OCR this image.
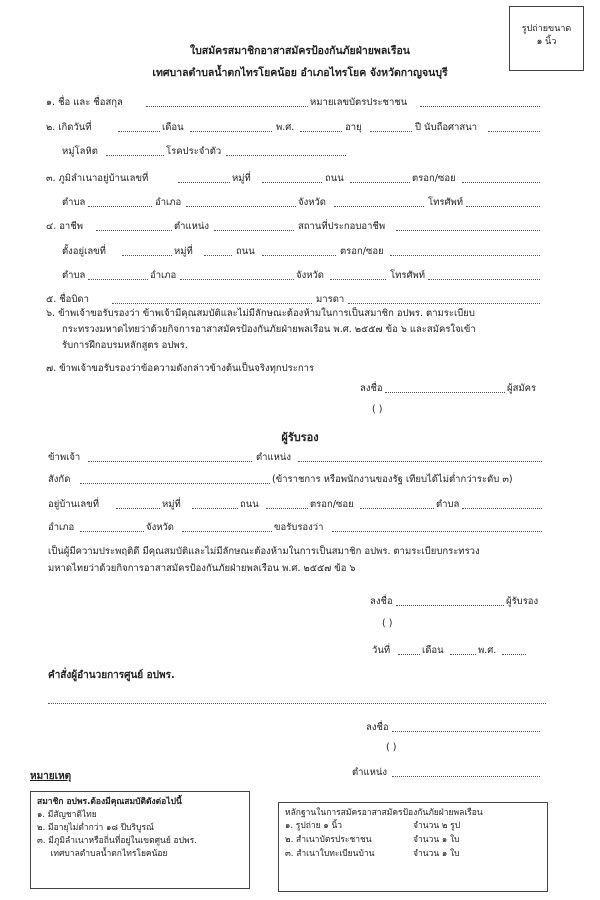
รูปถ่ายขนาด
๑ นิ้ว
ใบสมัครสมาชิกอาสาสมัครป้องกันภัยฝ่ายพลเรือน
เทศบาลตำบลน้ำตกไทรโยคน้อย อำเภอไทรโยค จังหวัดกาญจนบุรี
๑. ชื่อ และ ชื่อสกุล	หมายเลขบัตรประชาชน
๒. เกิดวันที่	เดือน	พ.ศ.	อายุ	ปี นับถือศาสนา
หมู่โลหิต	โรคประจำตัว
๓. ภูมิลำเนาอยู่บ้านเลขที่	หมู่ที่	ถนน	ตรอก/ซอย
ตำบล	อำเภอ	จังหวัด	โทรศัพท์
๔. อาชีพ	ตำแหน่ง	สถานที่ประกอบอาชีพ
ตั้งอยู่เลขที่	หมู่ที่	ถนน	ตรอก/ซอย
ตำบล	อำเภอ	จังหวัด	โทรศัพท์
๕. ชื่อบิดา	มารดา
๖. ข้าพเจ้าขอรับรองว่า ข้าพเจ้ามีคุณสมบัติและไม่มีลักษณะต้องห้ามในการเป็นสมาชิก อปพร. ตามระเบียบ
กระทรวงมหาดไทยว่าด้วยกิจการอาสาสมัครป้องกันภัยฝ่ายพลเรือน พ.ศ. ๒๕๕๗ ข้อ ๖ และสมัครใจเข้า
รับการฝึกอบรมหลักสูตร อปพร.
๗. ข้าพเจ้าขอรับรองว่าข้อความดังกล่าวข้างต้นเป็นจริงทุกประการ
ลงชื่อ	ผู้สมัคร
( )
ผู้รับรอง
ข้าพเจ้า	ตำแหน่ง
สังกัด	(ข้าราชการ หรือพนักงานของรัฐ เทียบได้ไม่ต่ำกว่าระดับ ๓)
อยู่บ้านเลขที่	หมู่ที่	ถนน	ตรอก/ซอย	ตำบล
อำเภอ	จังหวัด	ขอรับรองว่า
เป็นผู้มีความประพฤติดี มีคุณสมบัติและไม่มีลักษณะต้องห้ามในการเป็นสมาชิก อปพร. ตามระเบียบกระทรวง
มหาดไทยว่าด้วยกิจการอาสาสมัครป้องกันภัยฝ่ายพลเรือน พ.ศ. ๒๕๕๗ ข้อ ๖
ลงชื่อ	ผู้รับรอง
( )
วันที่	เดือน	พ.ศ.
คำสั่งผู้อำนวยการศูนย์ อปพร.
ลงชื่อ
( )
ตำแหน่ง
หมายเหตุ
สมาชิก อปพร.ต้องมีคุณสมบัติดังต่อไปนี้
๑. มีสัญชาติไทย
๒. มีอายุไม่ต่ำกว่า ๑๘ ปีบริบูรณ์
๓. มีภูมิลำเนาหรือถิ่นที่อยู่ในเขตศูนย์ อปพร.
เทศบาลตำบลน้ำตกไทรโยคน้อย
หลักฐานในการสมัครอาสาสมัครป้องกันภัยฝ่ายพลเรือน
๑. รูปถ่าย ๑ นิ้ว	จำนวน ๒ รูป
๒. สำเนาบัตรประชาชน	จำนวน ๑ ใบ
๓. สำเนาใบทะเบียนบ้าน	จำนวน ๑ ใบ
